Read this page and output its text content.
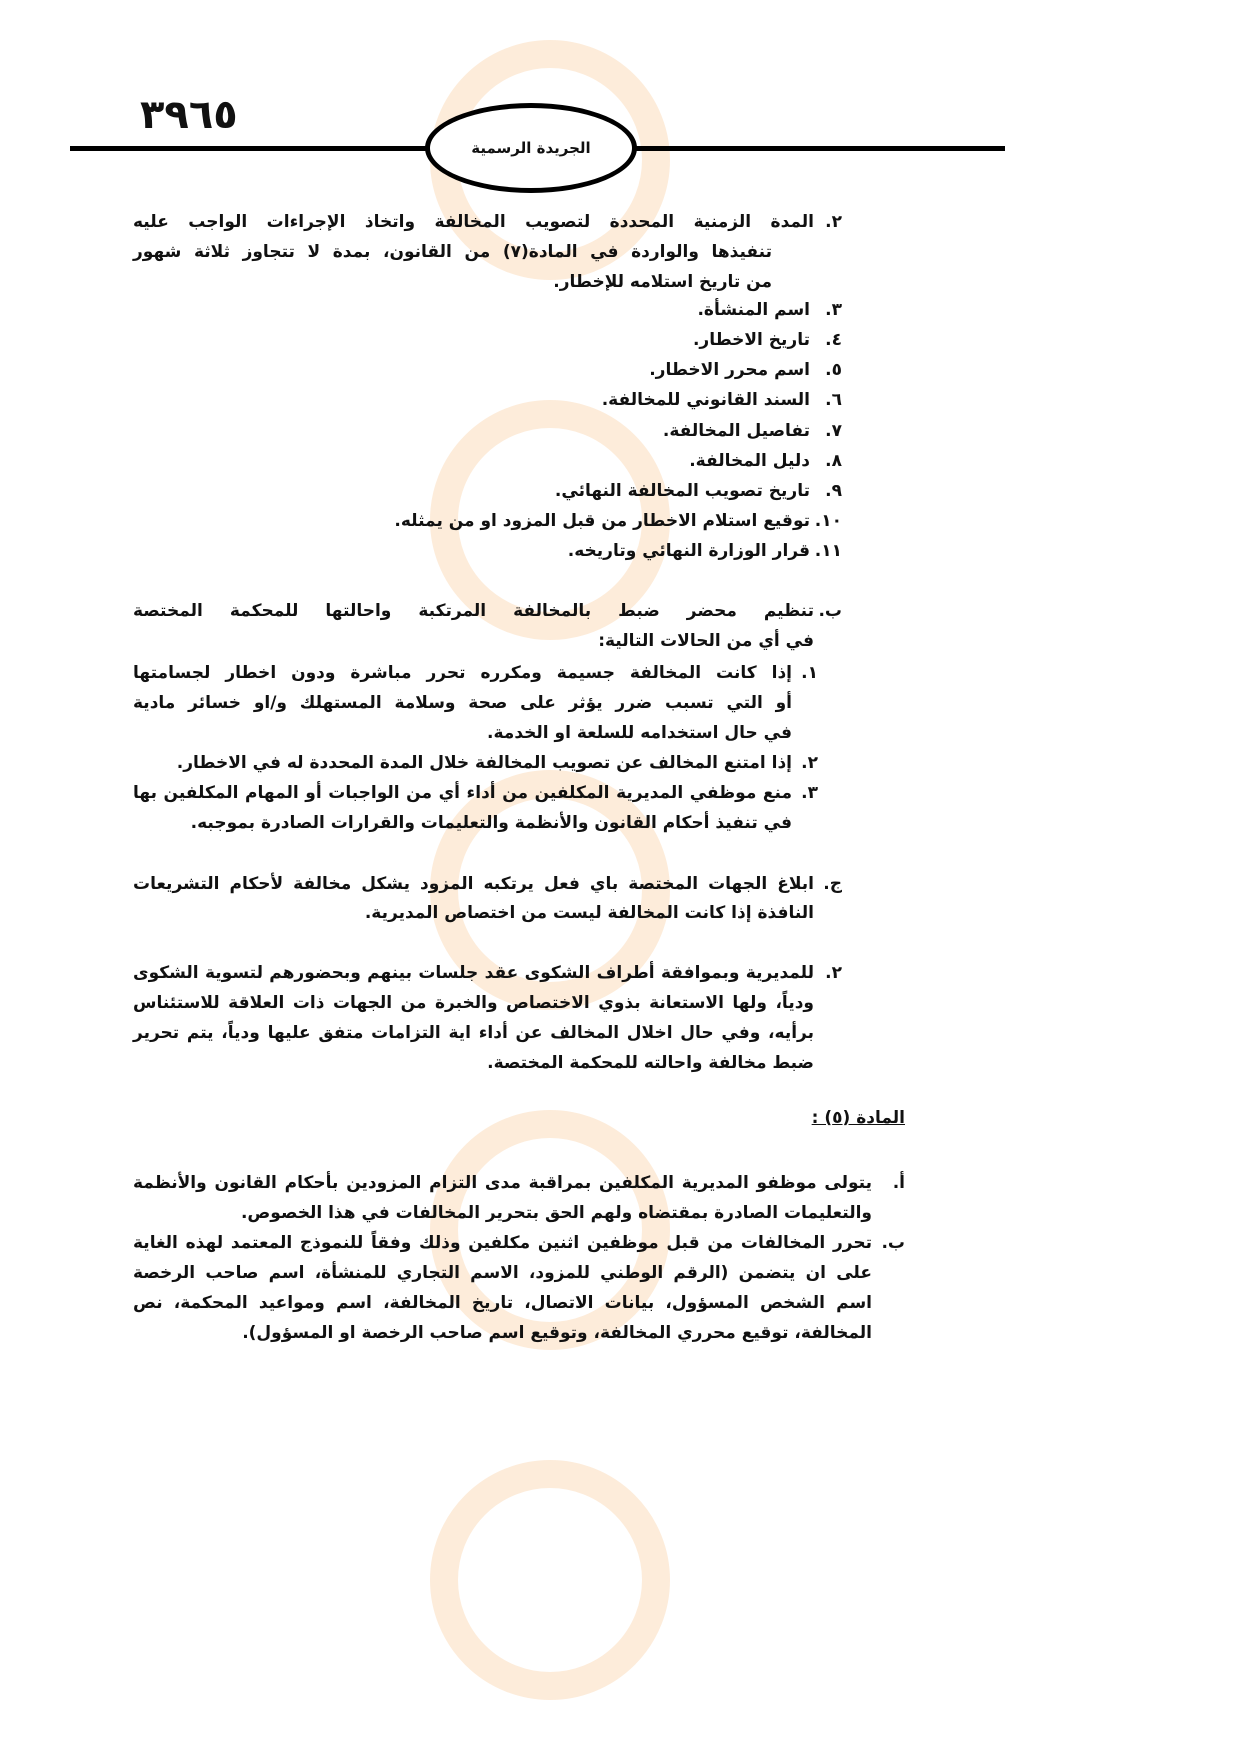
٣٩٦٥
الجريدة الرسمية
٢.
المدة الزمنية المحددة لتصويب المخالفة واتخاذ الإجراءات الواجب عليه
تنفيذها والواردة في المادة(٧) من القانون، بمدة لا تتجاوز ثلاثة شهور
من تاريخ استلامه للإخطار.
٣.
اسم المنشأة.
٤.
تاريخ الاخطار.
٥.
اسم محرر الاخطار.
٦.
السند القانوني للمخالفة.
٧.
تفاصيل المخالفة.
٨.
دليل المخالفة.
٩.
تاريخ تصويب المخالفة النهائي.
١٠.
توقيع استلام الاخطار من قبل المزود او من يمثله.
١١.
قرار الوزارة النهائي وتاريخه.
ب.
تنظيم محضر ضبط بالمخالفة المرتكبة واحالتها للمحكمة المختصة
في أي من الحالات التالية:
١.
إذا كانت المخالفة جسيمة ومكرره تحرر مباشرة ودون اخطار لجسامتها
أو التي تسبب ضرر يؤثر على صحة وسلامة المستهلك و/او خسائر مادية
في حال استخدامه للسلعة او الخدمة.
٢.
إذا امتنع المخالف عن تصويب المخالفة خلال المدة المحددة له في الاخطار.
٣.
منع موظفي المديرية المكلفين من أداء أي من الواجبات أو المهام المكلفين بها
في تنفيذ أحكام القانون والأنظمة والتعليمات والقرارات الصادرة بموجبه.
ج.
ابلاغ الجهات المختصة باي فعل يرتكبه المزود يشكل مخالفة لأحكام التشريعات
النافذة إذا كانت المخالفة ليست من اختصاص المديرية.
٢.
للمديرية وبموافقة أطراف الشكوى عقد جلسات بينهم وبحضورهم لتسوية الشكوى
ودياً، ولها الاستعانة بذوي الاختصاص والخبرة من الجهات ذات العلاقة للاستئناس
برأيه، وفي حال اخلال المخالف عن أداء اية التزامات متفق عليها ودياً، يتم تحرير
ضبط مخالفة واحالته للمحكمة المختصة.
المادة (٥) :
أ.
يتولى موظفو المديرية المكلفين بمراقبة مدى التزام المزودين بأحكام القانون والأنظمة
والتعليمات الصادرة بمقتضاه ولهم الحق بتحرير المخالفات في هذا الخصوص.
ب.
تحرر المخالفات من قبل موظفين اثنين مكلفين وذلك وفقاً للنموذج المعتمد لهذه الغاية
على ان يتضمن (الرقم الوطني للمزود، الاسم التجاري للمنشأة، اسم صاحب الرخصة
اسم الشخص المسؤول، بيانات الاتصال، تاريخ المخالفة، اسم ومواعيد المحكمة، نص
المخالفة، توقيع محرري المخالفة، وتوقيع اسم صاحب الرخصة او المسؤول).
